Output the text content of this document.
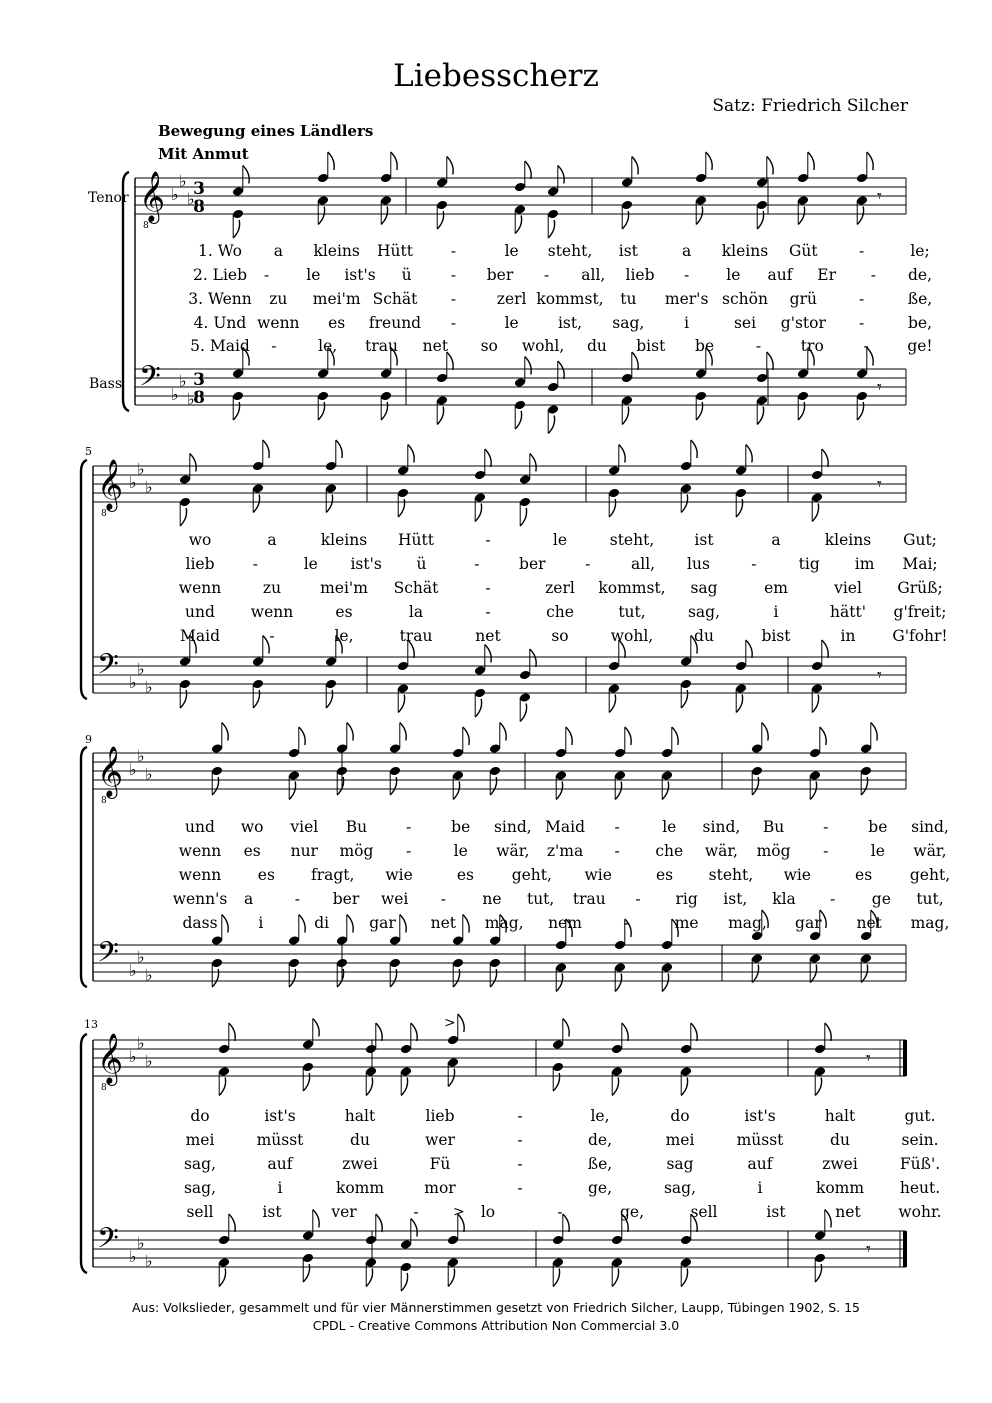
Liebesscherz
Satz: Friedrich Silcher
Bewegung eines Ländlers
Mit Anmut
Tenor
Bass
5
9
13
𝄞
8
♭
♭
♭
3
8
𝄢 ♭
♭
♭
3
8
𝄾
𝄾
𝄞
8
♭
♭
♭
𝄢 ♭
♭
♭
𝄾
𝄾
𝄞
8
♭
♭
♭
𝄢 ♭
♭
♭
𝄞
8
♭
♭
♭
𝄢 ♭
♭
♭
𝄾
𝄾
>
>
1. Wo a kleins Hütt -	le steht, ist	a kleins Güt	-	le;
2. Lieb - le ist's ü	- ber - all, lieb - le auf Er - de,
3. Wenn zu mei'm Schät -	zerl kommst, tu mer's schön grü	-	ße,
4. Und wenn es freund -	le	ist, sag,	i	sei g'stor -	be,
5. Maid -	le, trau net so wohl, du bist be	-	tro	- ge!
wo	a	kleins Hütt	-	le	steht,	ist	a	kleins Gut;
lieb -	le ist's ü	-	ber	-	all, lus	-	tig im Mai;
wenn	zu	mei'm Schät	-	zerl kommst, sag	em	viel Grüß;
und wenn	es	la	-	che	tut,	sag,	i	hätt' g'freit;
Maid	-	le,	trau	net	so	wohl,	du	bist	in G'fohr!
und wo viel Bu	-	be sind, Maid -	le sind, Bu	-	be sind,
wenn es nur mög -	le wär, z'ma - che wär, mög -	le wär,
wenn es fragt, wie	es geht, wie	es steht, wie	es geht,
wenn's a	- ber wei - ne tut, trau - rig ist, kla - ge tut,
dass	i	di	gar net mag, nem	-	me mag, gar net mag,
do	ist's	halt	lieb	-	le,	do	ist's	halt	gut.
mei	müsst	du	wer	-	de,	mei	müsst	du	sein.
sag,	auf	zwei	Fü	-	ße,	sag	auf	zwei	Füß'.
sag,	i	komm	mor	-	ge,	sag,	i	komm heut.
sell	ist	ver	-	lo	-	ge,	sell	ist	net wohr.
Aus: Volkslieder, gesammelt und für vier Männerstimmen gesetzt von Friedrich Silcher, Laupp, Tübingen 1902, S. 15
CPDL - Creative Commons Attribution Non Commercial 3.0
